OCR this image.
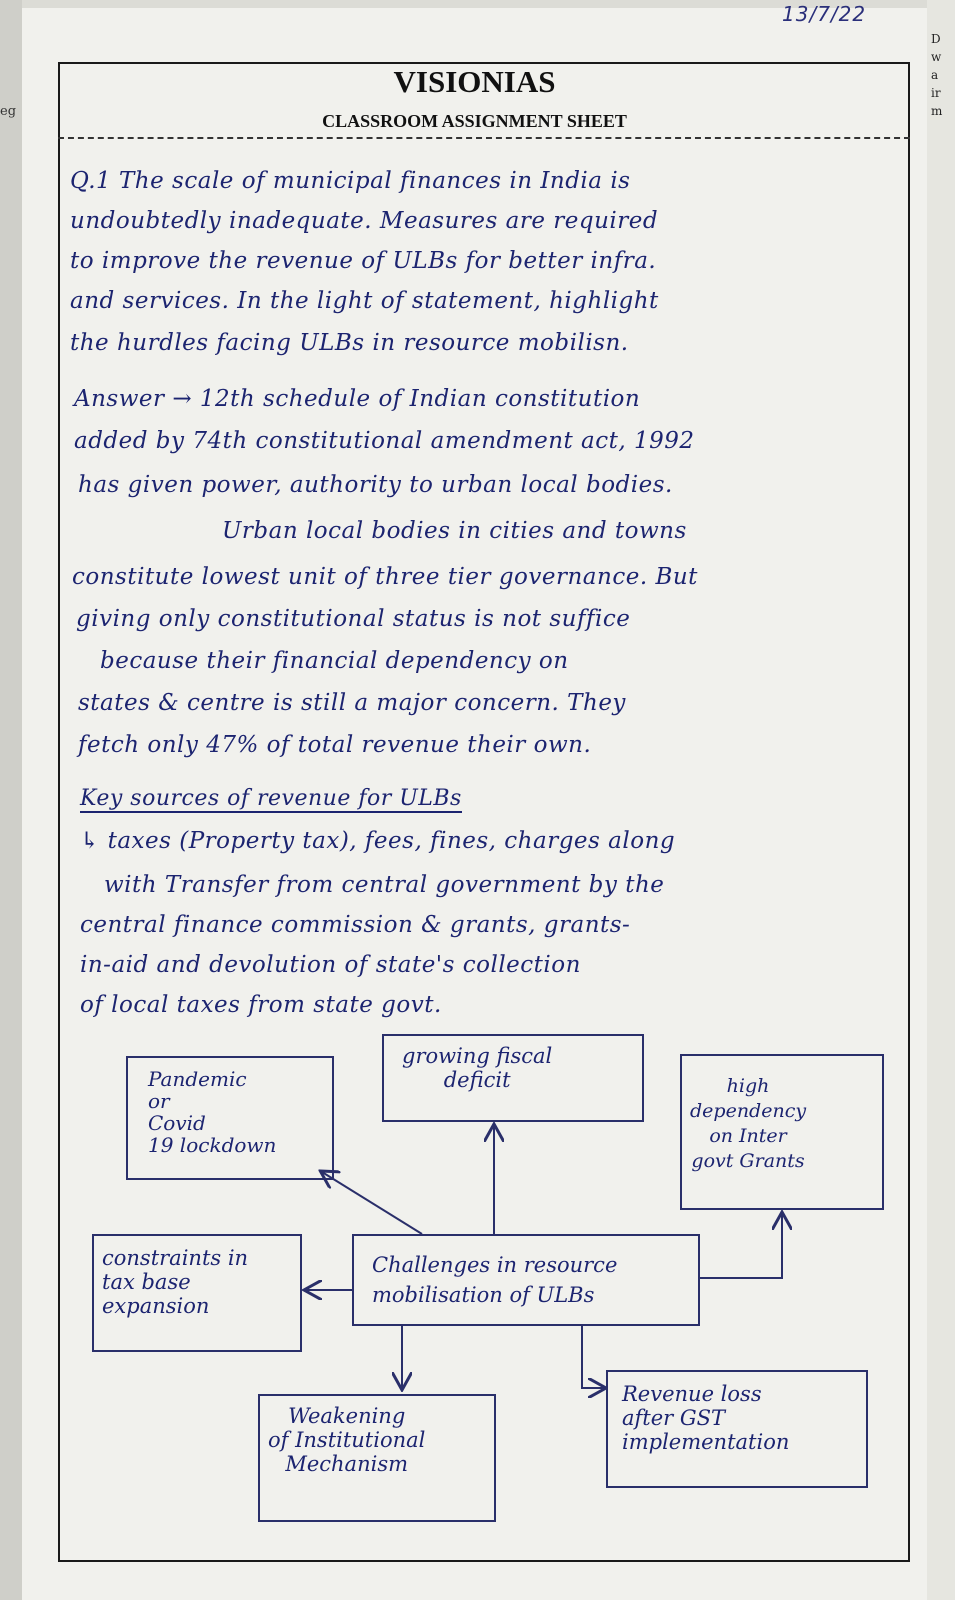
eg
D
w
a
ir
m
13/7/22
VISIONIAS
CLASSROOM ASSIGNMENT SHEET
Q.1 The scale of municipal finances in India is
undoubtedly inadequate. Measures are required
to improve the revenue of ULBs for better infra.
and services. In the light of statement, highlight
the hurdles facing ULBs in resource mobilisn.
Answer → 12th schedule of Indian constitution
added by 74th constitutional amendment act, 1992
has given power, authority to urban local bodies.
Urban local bodies in cities and towns
constitute lowest unit of three tier governance. But
giving only constitutional status is not suffice
because their financial dependency on
states & centre is still a major concern. They
fetch only 47% of total revenue their own.
Key sources of revenue for ULBs
↳ taxes (Property tax), fees, fines, charges along
with Transfer from central government by the
central finance commission & grants, grants-
in-aid and devolution of state's collection
of local taxes from state govt.
Pandemic
or
Covid
19 lockdown
growing fiscal
deficit	high
dependency
on Inter
govt Grants
constraints in
tax base
expansion
Challenges in resource
mobilisation of ULBs
Weakening
of Institutional
Mechanism
Revenue loss
after GST
implementation
